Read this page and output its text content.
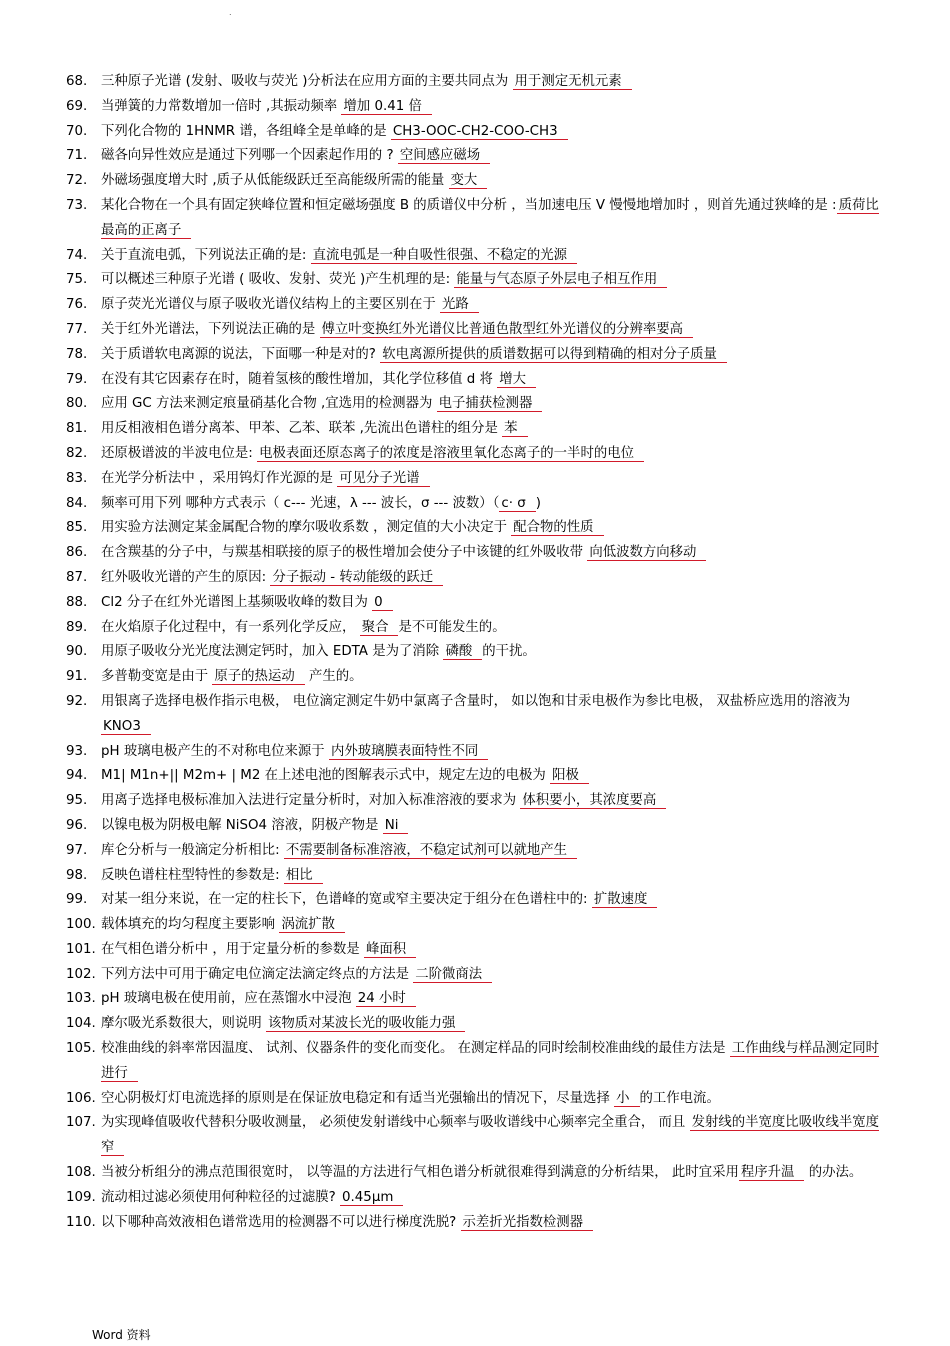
.
68. 三种原子光谱 (发射、吸收与荧光 )分析法在应用方面的主要共同点为 用于测定无机元素
69. 当弹簧的力常数增加一倍时 ,其振动频率 增加 0.41 倍
70. 下列化合物的 1HNMR 谱，各组峰全是单峰的是 CH3-OOC-CH2-COO-CH3
71. 磁各向异性效应是通过下列哪一个因素起作用的 ? 空间感应磁场
72. 外磁场强度增大时 ,质子从低能级跃迁至高能级所需的能量 变大
73. 某化合物在一个具有固定狭峰位置和恒定磁场强度 B 的质谱仪中分析 ，当加速电压 V 慢慢地增加时 ，则首先通过狭峰的是 : 质荷比最高的正离子
74. 关于直流电弧，下列说法正确的是: 直流电弧是一种自吸性很强、不稳定的光源
75. 可以概述三种原子光谱 ( 吸收、发射、荧光 )产生机理的是: 能量与气态原子外层电子相互作用
76. 原子荧光光谱仪与原子吸收光谱仪结构上的主要区别在于 光路
77. 关于红外光谱法，下列说法正确的是 傅立叶变换红外光谱仪比普通色散型红外光谱仪的分辨率要高
78. 关于质谱软电离源的说法，下面哪一种是对的? 软电离源所提供的质谱数据可以得到精确的相对分子质量
79. 在没有其它因素存在时，随着氢核的酸性增加，其化学位移值 d 将 增大
80. 应用 GC 方法来测定痕量硝基化合物 ,宜选用的检测器为 电子捕获检测器
81. 用反相液相色谱分离苯、甲苯、乙苯、联苯 ,先流出色谱柱的组分是 苯
82. 还原极谱波的半波电位是: 电极表面还原态离子的浓度是溶液里氧化态离子的一半时的电位
83. 在光学分析法中 ，采用钨灯作光源的是 可见分子光谱
84. 频率可用下列 哪种方式表示（ c--- 光速，λ --- 波长，σ --- 波数）（ c· σ )
85. 用实验方法测定某金属配合物的摩尔吸收系数 ，测定值的大小决定于 配合物的性质
86. 在含羰基的分子中，与羰基相联接的原子的极性增加会使分子中该键的红外吸收带 向低波数方向移动
87. 红外吸收光谱的产生的原因: 分子振动 - 转动能级的跃迁
88. Cl2 分子在红外光谱图上基频吸收峰的数目为 0
89. 在火焰原子化过程中，有一系列化学反应， 聚合 是不可能发生的。
90. 用原子吸收分光光度法测定钙时，加入 EDTA 是为了消除 磷酸 的干扰。
91. 多普勒变宽是由于 原子的热运动 产生的。
92. 用银离子选择电极作指示电极， 电位滴定测定牛奶中氯离子含量时， 如以饱和甘汞电极作为参比电极， 双盐桥应选用的溶液为 KNO3
93. pH 玻璃电极产生的不对称电位来源于 内外玻璃膜表面特性不同
94. M1| M1n+|| M2m+ | M2 在上述电池的图解表示式中，规定左边的电极为 阳极
95. 用离子选择电极标准加入法进行定量分析时，对加入标准溶液的要求为 体积要小，其浓度要高
96. 以镍电极为阴极电解 NiSO4 溶液，阴极产物是 Ni
97. 库仑分析与一般滴定分析相比: 不需要制备标准溶液，不稳定试剂可以就地产生
98. 反映色谱柱柱型特性的参数是: 相比
99. 对某一组分来说，在一定的柱长下，色谱峰的宽或窄主要决定于组分在色谱柱中的: 扩散速度
100. 载体填充的均匀程度主要影响 涡流扩散
101. 在气相色谱分析中 ，用于定量分析的参数是 峰面积
102. 下列方法中可用于确定电位滴定法滴定终点的方法是 二阶微商法
103. pH 玻璃电极在使用前，应在蒸馏水中浸泡 24 小时
104. 摩尔吸光系数很大，则说明 该物质对某波长光的吸收能力强
105. 校准曲线的斜率常因温度、 试剂、仪器条件的变化而变化。 在测定样品的同时绘制校准曲线的最佳方法是 工作曲线与样品测定同时进行
106. 空心阴极灯灯电流选择的原则是在保证放电稳定和有适当光强输出的情况下，尽量选择 小 的工作电流。
107. 为实现峰值吸收代替积分吸收测量， 必须使发射谱线中心频率与吸收谱线中心频率完全重合， 而且 发射线的半宽度比吸收线半宽度窄
108. 当被分析组分的沸点范围很宽时， 以等温的方法进行气相色谱分析就很难得到满意的分析结果， 此时宜采用 程序升温 的办法。
109. 流动相过滤必须使用何种粒径的过滤膜? 0.45μm
110. 以下哪种高效液相色谱常选用的检测器不可以进行梯度洗脱? 示差折光指数检测器
Word 资料
